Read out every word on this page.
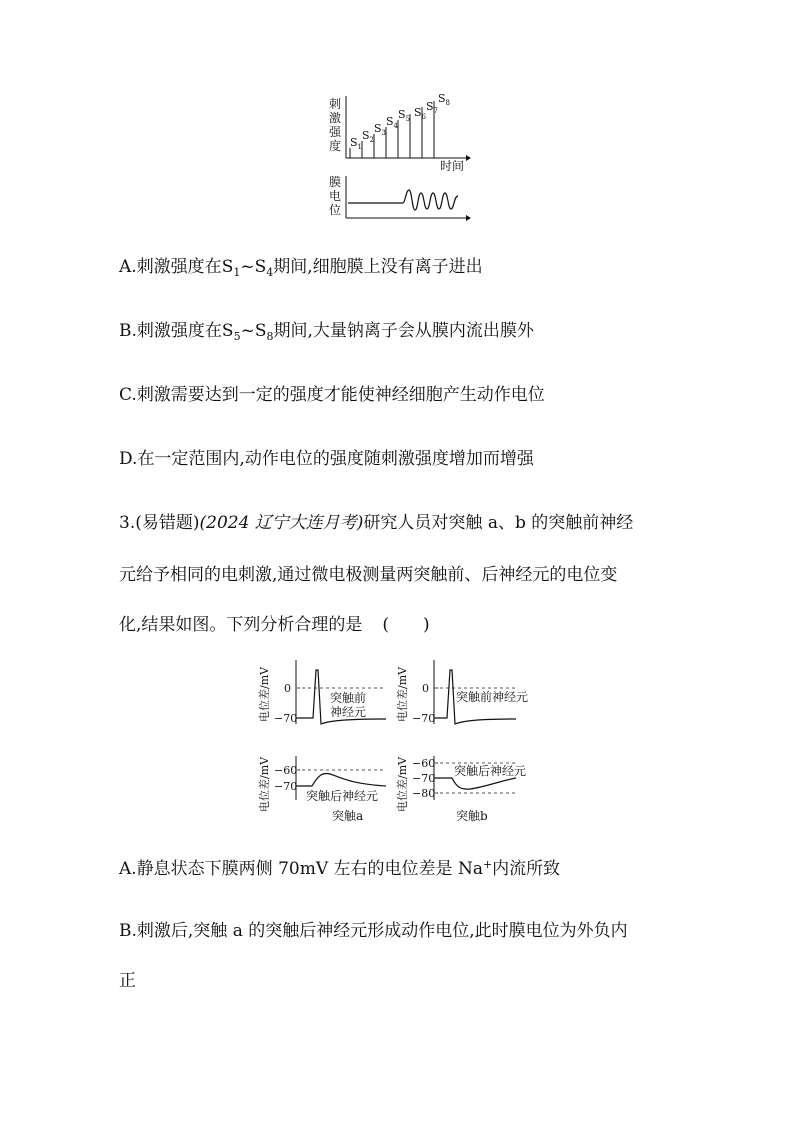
刺
激
强
度
时间
$S_1$
$S_2$
$S_3$
$S_4$
$S_5$ $S_6$
$S_7$
$S_8$
膜
电
位
A.刺激强度在$S_1\sim S_4$期间,细胞膜上没有离子进出
B.刺激强度在$S_5\sim S_8$期间,大量钠离子会从膜内流出膜外
C.刺激需要达到一定的强度才能使神经细胞产生动作电位
D.在一定范围内,动作电位的强度随刺激强度增加而增强
3.(易错题)(2024 辽宁大连月考)研究人员对突触 a、b 的突触前神经
元给予相同的电刺激,通过微电极测量两突触前、后神经元的电位变
化,结果如图。下列分析合理的是 (　　)
电位差/mV 0
−70
突触前
神经元	电位差/mV 0
−70
突触前神经元
电位差/mV −60
−70
突触后神经元
突触a
电位差/mV −60
−70
−80
突触后神经元
突触b
A.静息状态下膜两侧 70mV 左右的电位差是 Na+内流所致
B.刺激后,突触 a 的突触后神经元形成动作电位,此时膜电位为外负内
正
